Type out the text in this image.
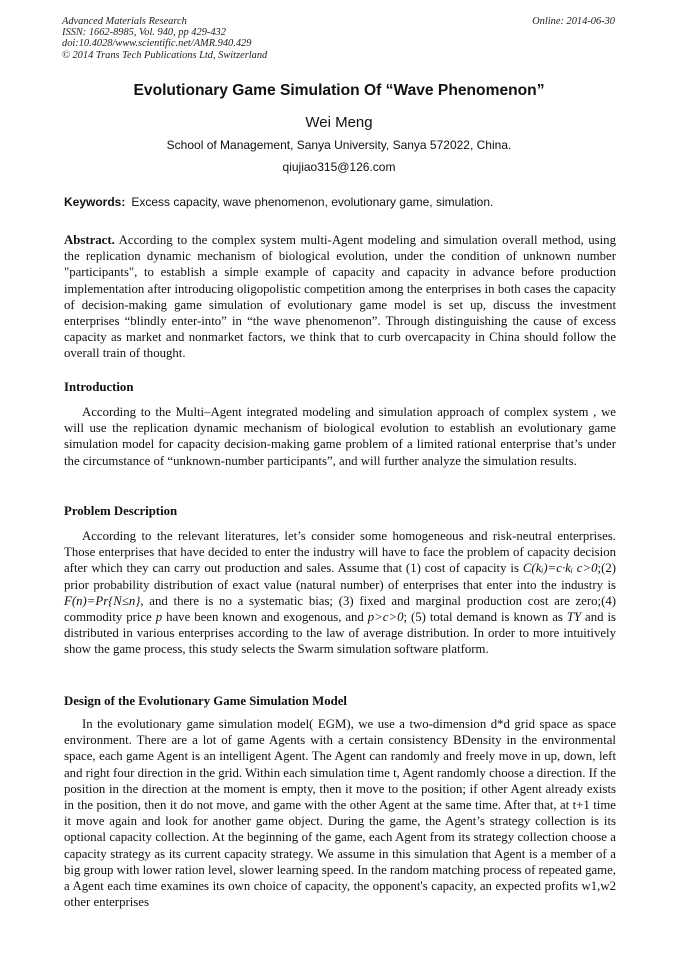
Advanced Materials Research
ISSN: 1662-8985, Vol. 940, pp 429-432
doi:10.4028/www.scientific.net/AMR.940.429
© 2014 Trans Tech Publications Ltd, Switzerland
Online: 2014-06-30
Evolutionary Game Simulation Of “Wave Phenomenon”
Wei Meng
School of Management, Sanya University, Sanya 572022, China.
qiujiao315@126.com
Keywords: Excess capacity, wave phenomenon, evolutionary game, simulation.
Abstract. According to the complex system multi-Agent modeling and simulation overall method, using the replication dynamic mechanism of biological evolution, under the condition of unknown number "participants", to establish a simple example of capacity and capacity in advance before production implementation after introducing oligopolistic competition among the enterprises in both cases the capacity of decision-making game simulation of evolutionary game model is set up, discuss the investment enterprises “blindly enter-into” in “the wave phenomenon”. Through distinguishing the cause of excess capacity as market and nonmarket factors, we think that to curb overcapacity in China should follow the overall train of thought.
Introduction
According to the Multi–Agent integrated modeling and simulation approach of complex system , we will use the replication dynamic mechanism of biological evolution to establish an evolutionary game simulation model for capacity decision-making game problem of a limited rational enterprise that’s under the circumstance of “unknown-number participants”, and will further analyze the simulation results.
Problem Description
According to the relevant literatures, let’s consider some homogeneous and risk-neutral enterprises. Those enterprises that have decided to enter the industry will have to face the problem of capacity decision after which they can carry out production and sales. Assume that (1) cost of capacity is C(kᵢ)=c·kᵢ c>0;(2) prior probability distribution of exact value (natural number) of enterprises that enter into the industry is F(n)=Pr{N≤n}, and there is no a systematic bias; (3) fixed and marginal production cost are zero;(4) commodity price p have been known and exogenous, and p>c>0; (5) total demand is known as TY and is distributed in various enterprises according to the law of average distribution. In order to more intuitively show the game process, this study selects the Swarm simulation software platform.
Design of the Evolutionary Game Simulation Model
In the evolutionary game simulation model( EGM), we use a two-dimension d*d grid space as space environment. There are a lot of game Agents with a certain consistency BDensity in the environmental space, each game Agent is an intelligent Agent. The Agent can randomly and freely move in up, down, left and right four direction in the grid. Within each simulation time t, Agent randomly choose a direction. If the position in the direction at the moment is empty, then it move to the position; if other Agent already exists in the position, then it do not move, and game with the other Agent at the same time. After that, at t+1 time it move again and look for another game object. During the game, the Agent’s strategy collection is its optional capacity collection. At the beginning of the game, each Agent from its strategy collection choose a capacity strategy as its current capacity strategy. We assume in this simulation that Agent is a member of a big group with lower ration level, slower learning speed. In the random matching process of repeated game, a Agent each time examines its own choice of capacity, the opponent's capacity, an expected profits w1,w2 other enterprises
